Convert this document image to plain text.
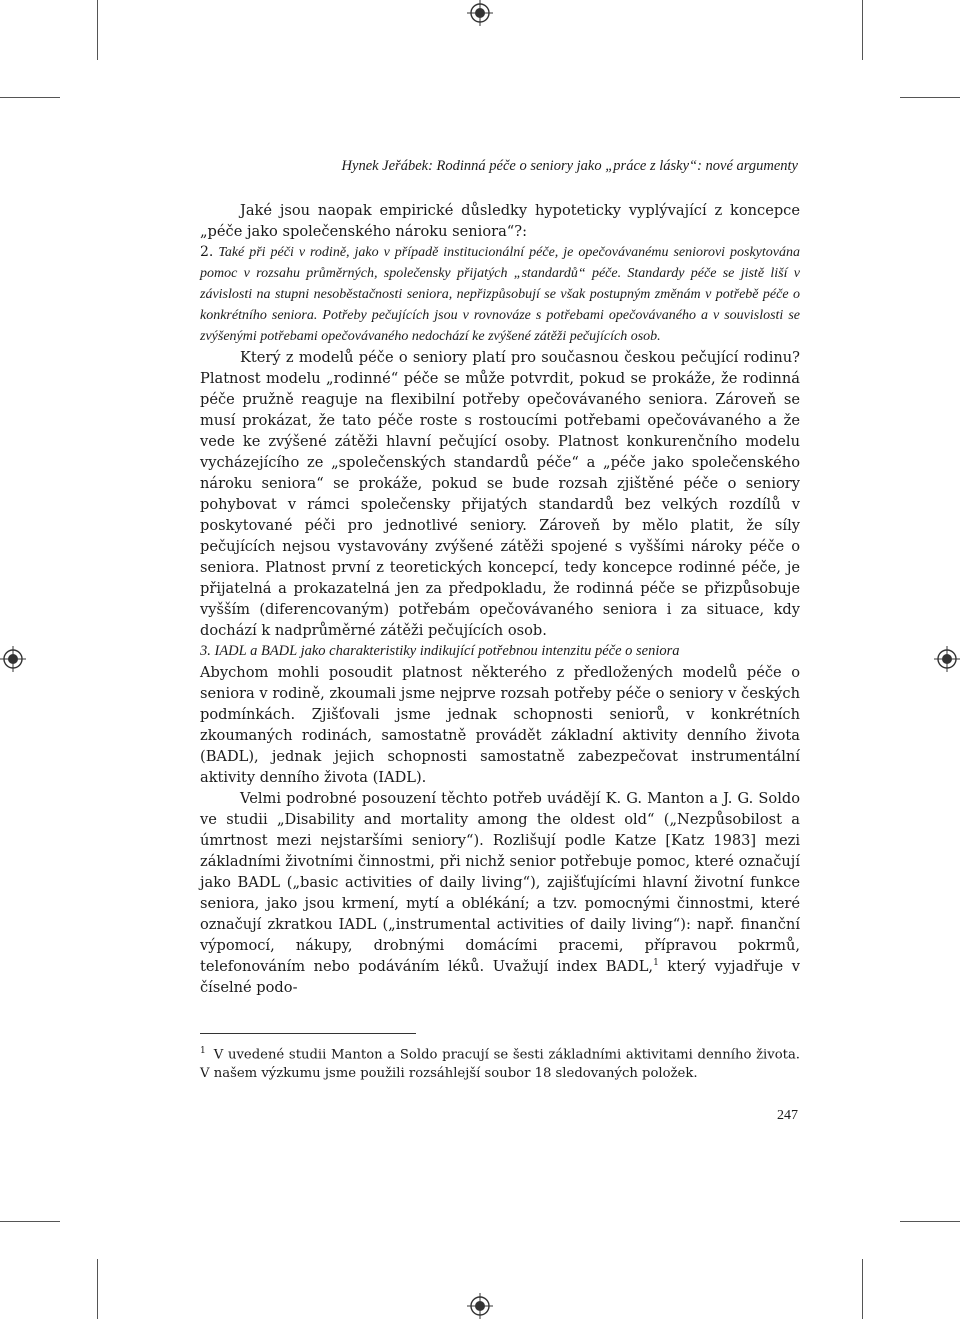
Hynek Jeřábek: Rodinná péče o seniory jako „práce z lásky“: nové argumenty

Jaké jsou naopak empirické důsledky hypoteticky vyplývající z koncepce „péče jako společenského nároku seniora“?:

2. Také při péči v rodině, jako v případě institucionální péče, je opečovávanému seniorovi poskytována pomoc v rozsahu průměrných, společensky přijatých „standardů“ péče. Standardy péče se jistě liší v závislosti na stupni nesoběstačnosti seniora, nepřizpůsobují se však postupným změnám v potřebě péče o konkrétního seniora. Potřeby pečujících jsou v rovnováze s potřebami opečovávaného a v souvislosti se zvýšenými potřebami opečovávaného nedochází ke zvýšené zátěži pečujících osob.

Který z modelů péče o seniory platí pro současnou českou pečující rodinu? Platnost modelu „rodinné“ péče se může potvrdit, pokud se prokáže, že rodinná péče pružně reaguje na flexibilní potřeby opečovávaného seniora. Zároveň se musí prokázat, že tato péče roste s rostoucími potřebami opečovávaného a že vede ke zvýšené zátěži hlavní pečující osoby. Platnost konkurenčního modelu vycházejícího ze „společenských standardů péče“ a „péče jako společenského nároku seniora“ se prokáže, pokud se bude rozsah zjištěné péče o seniory pohybovat v rámci společensky přijatých standardů bez velkých rozdílů v poskytované péči pro jednotlivé seniory. Zároveň by mělo platit, že síly pečujících nejsou vystavovány zvýšené zátěži spojené s vyššími nároky péče o seniora. Platnost první z teoretických koncepcí, tedy koncepce rodinné péče, je přijatelná a prokazatelná jen za předpokladu, že rodinná péče se přizpůsobuje vyšším (diferencovaným) potřebám opečovávaného seniora i za situace, kdy dochází k nadprůměrné zátěži pečujících osob.

3. IADL a BADL jako charakteristiky indikující potřebnou intenzitu péče o seniora

Abychom mohli posoudit platnost některého z předložených modelů péče o seniora v rodině, zkoumali jsme nejprve rozsah potřeby péče o seniory v českých podmínkách. Zjišťovali jsme jednak schopnosti seniorů, v konkrétních zkoumaných rodinách, samostatně provádět základní aktivity denního života (BADL), jednak jejich schopnosti samostatně zabezpečovat instrumentální aktivity denního života (IADL).

Velmi podrobné posouzení těchto potřeb uvádějí K. G. Manton a J. G. Soldo ve studii „Disability and mortality among the oldest old“ („Nezpůsobilost a úmrtnost mezi nejstaršími seniory“). Rozlišují podle Katze [Katz 1983] mezi základními životními činnostmi, při nichž senior potřebuje pomoc, které označují jako BADL („basic activities of daily living“), zajišťujícími hlavní životní funkce seniora, jako jsou krmení, mytí a oblékání; a tzv. pomocnými činnostmi, které označují zkratkou IADL („instrumental activities of daily living“): např. finanční výpomocí, nákupy, drobnými domácími pracemi, přípravou pokrmů, telefonováním nebo podáváním léků. Uvažují index BADL,$^1$ který vyjadřuje v číselné podo-

$^1$ V uvedené studii Manton a Soldo pracují se šesti základními aktivitami denního života. V našem výzkumu jsme použili rozsáhlejší soubor 18 sledovaných položek.
247
